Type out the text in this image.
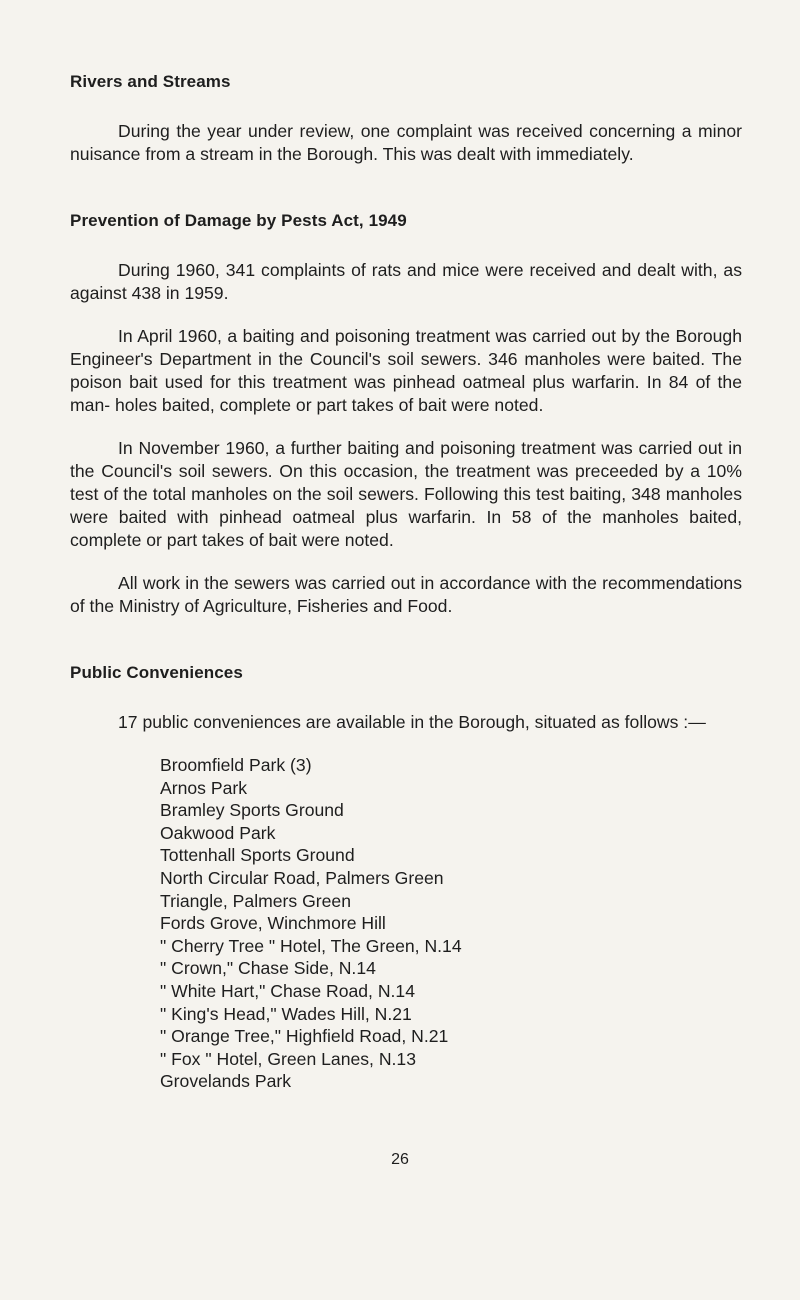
Rivers and Streams

During the year under review, one complaint was received concerning a minor nuisance from a stream in the Borough. This was dealt with immediately.

Prevention of Damage by Pests Act, 1949

During 1960, 341 complaints of rats and mice were received and dealt with, as against 438 in 1959.

In April 1960, a baiting and poisoning treatment was carried out by the Borough Engineer's Department in the Council's soil sewers. 346 manholes were baited. The poison bait used for this treatment was pinhead oatmeal plus warfarin. In 84 of the man- holes baited, complete or part takes of bait were noted.

In November 1960, a further baiting and poisoning treatment was carried out in the Council's soil sewers. On this occasion, the treatment was preceeded by a 10% test of the total manholes on the soil sewers. Following this test baiting, 348 manholes were baited with pinhead oatmeal plus warfarin. In 58 of the manholes baited, complete or part takes of bait were noted.

All work in the sewers was carried out in accordance with the recommendations of the Ministry of Agriculture, Fisheries and Food.

Public Conveniences

17 public conveniences are available in the Borough, situated as follows :—

Broomfield Park (3)
Arnos Park
Bramley Sports Ground
Oakwood Park
Tottenhall Sports Ground
North Circular Road, Palmers Green
Triangle, Palmers Green
Fords Grove, Winchmore Hill
" Cherry Tree " Hotel, The Green, N.14
" Crown," Chase Side, N.14
" White Hart," Chase Road, N.14
" King's Head," Wades Hill, N.21
" Orange Tree," Highfield Road, N.21
" Fox " Hotel, Green Lanes, N.13
Grovelands Park
26
